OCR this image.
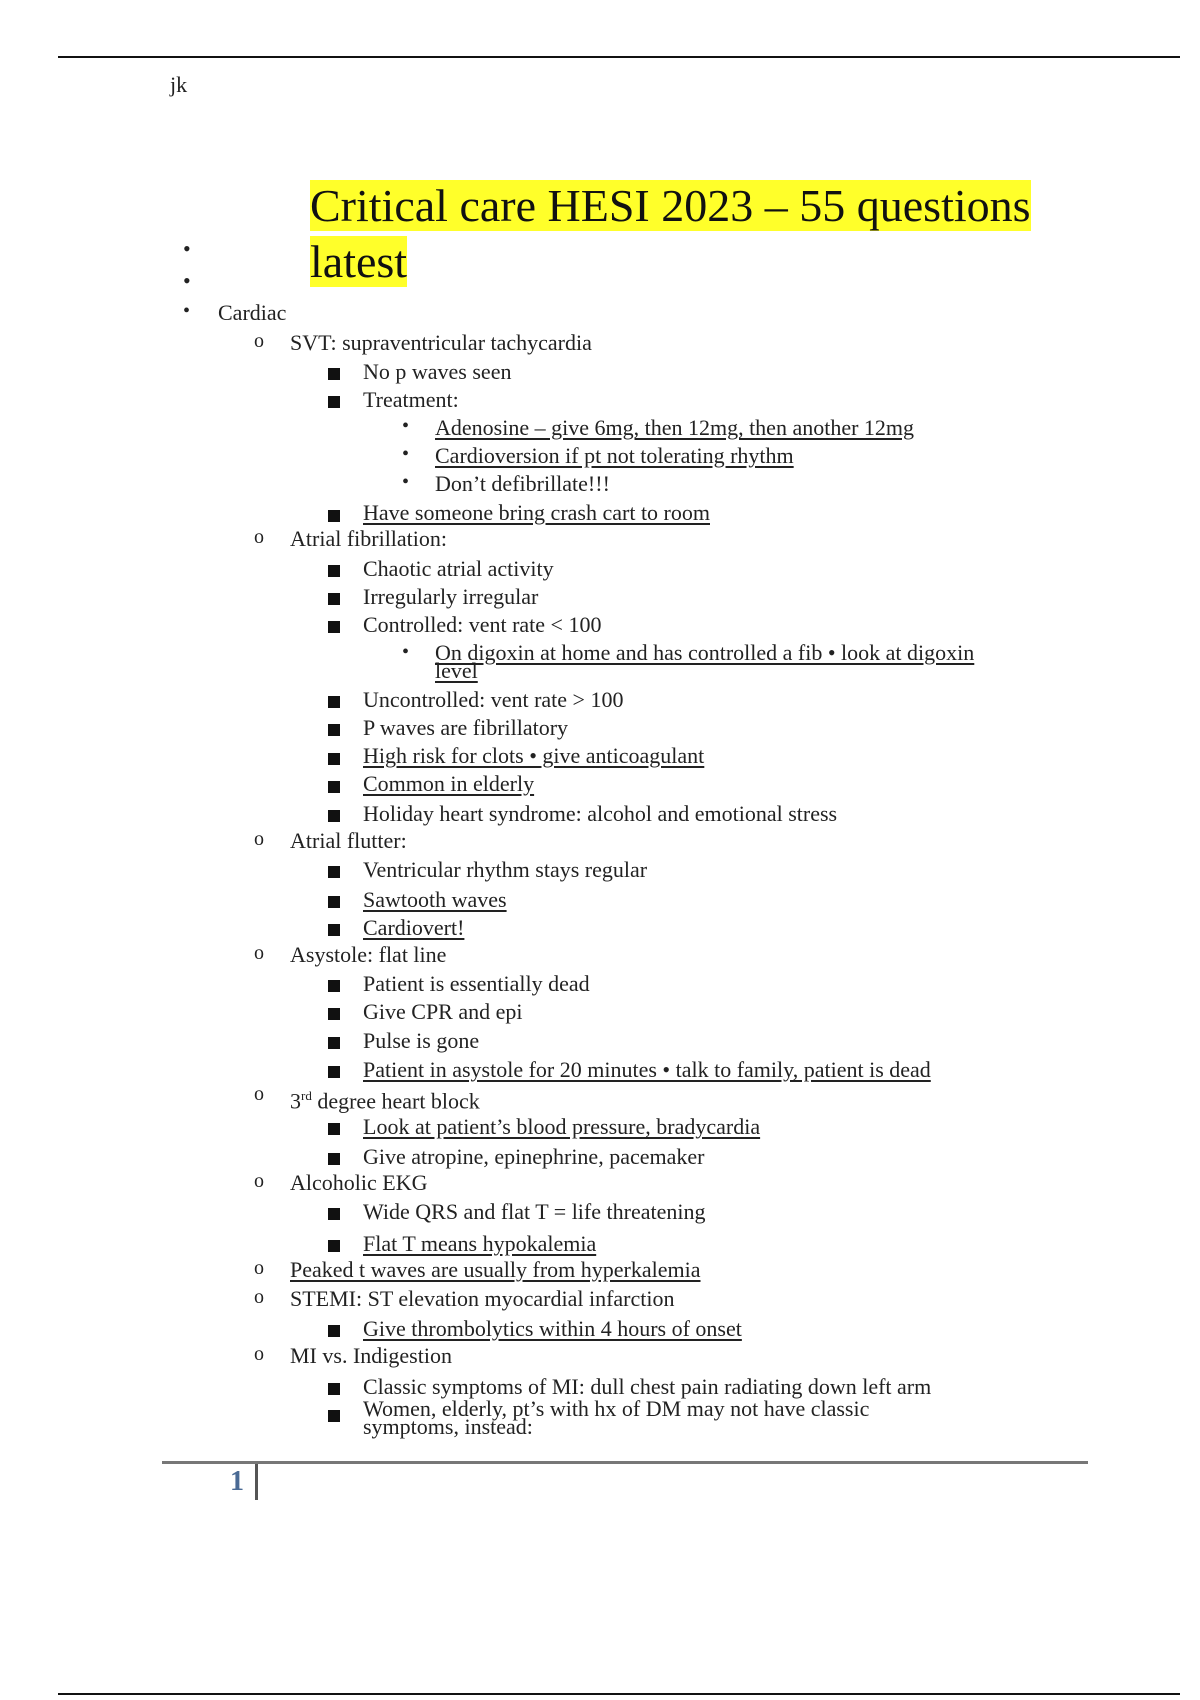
jk
Critical care HESI 2023 – 55 questions
latest
•
•
• Cardiac
o SVT: supraventricular tachycardia
No p waves seen
Treatment:
• Adenosine – give 6mg, then 12mg, then another 12mg
• Cardioversion if pt not tolerating rhythm
• Don’t defibrillate!!!
Have someone bring crash cart to room
o Atrial fibrillation:
Chaotic atrial activity
Irregularly irregular
Controlled: vent rate < 100
• On digoxin at home and has controlled a fib • look at digoxin
level
Uncontrolled: vent rate > 100
P waves are fibrillatory
High risk for clots • give anticoagulant
Common in elderly
Holiday heart syndrome: alcohol and emotional stress
o Atrial flutter:
Ventricular rhythm stays regular
Sawtooth waves
Cardiovert!
o Asystole: flat line
Patient is essentially dead
Give CPR and epi
Pulse is gone
Patient in asystole for 20 minutes • talk to family, patient is dead
o 3rd degree heart block
Look at patient’s blood pressure, bradycardia
Give atropine, epinephrine, pacemaker
o Alcoholic EKG
Wide QRS and flat T = life threatening
Flat T means hypokalemia
o Peaked t waves are usually from hyperkalemia
o STEMI: ST elevation myocardial infarction
Give thrombolytics within 4 hours of onset
o MI vs. Indigestion
Classic symptoms of MI: dull chest pain radiating down left arm
Women, elderly, pt’s with hx of DM may not have classic
symptoms, instead:
1
